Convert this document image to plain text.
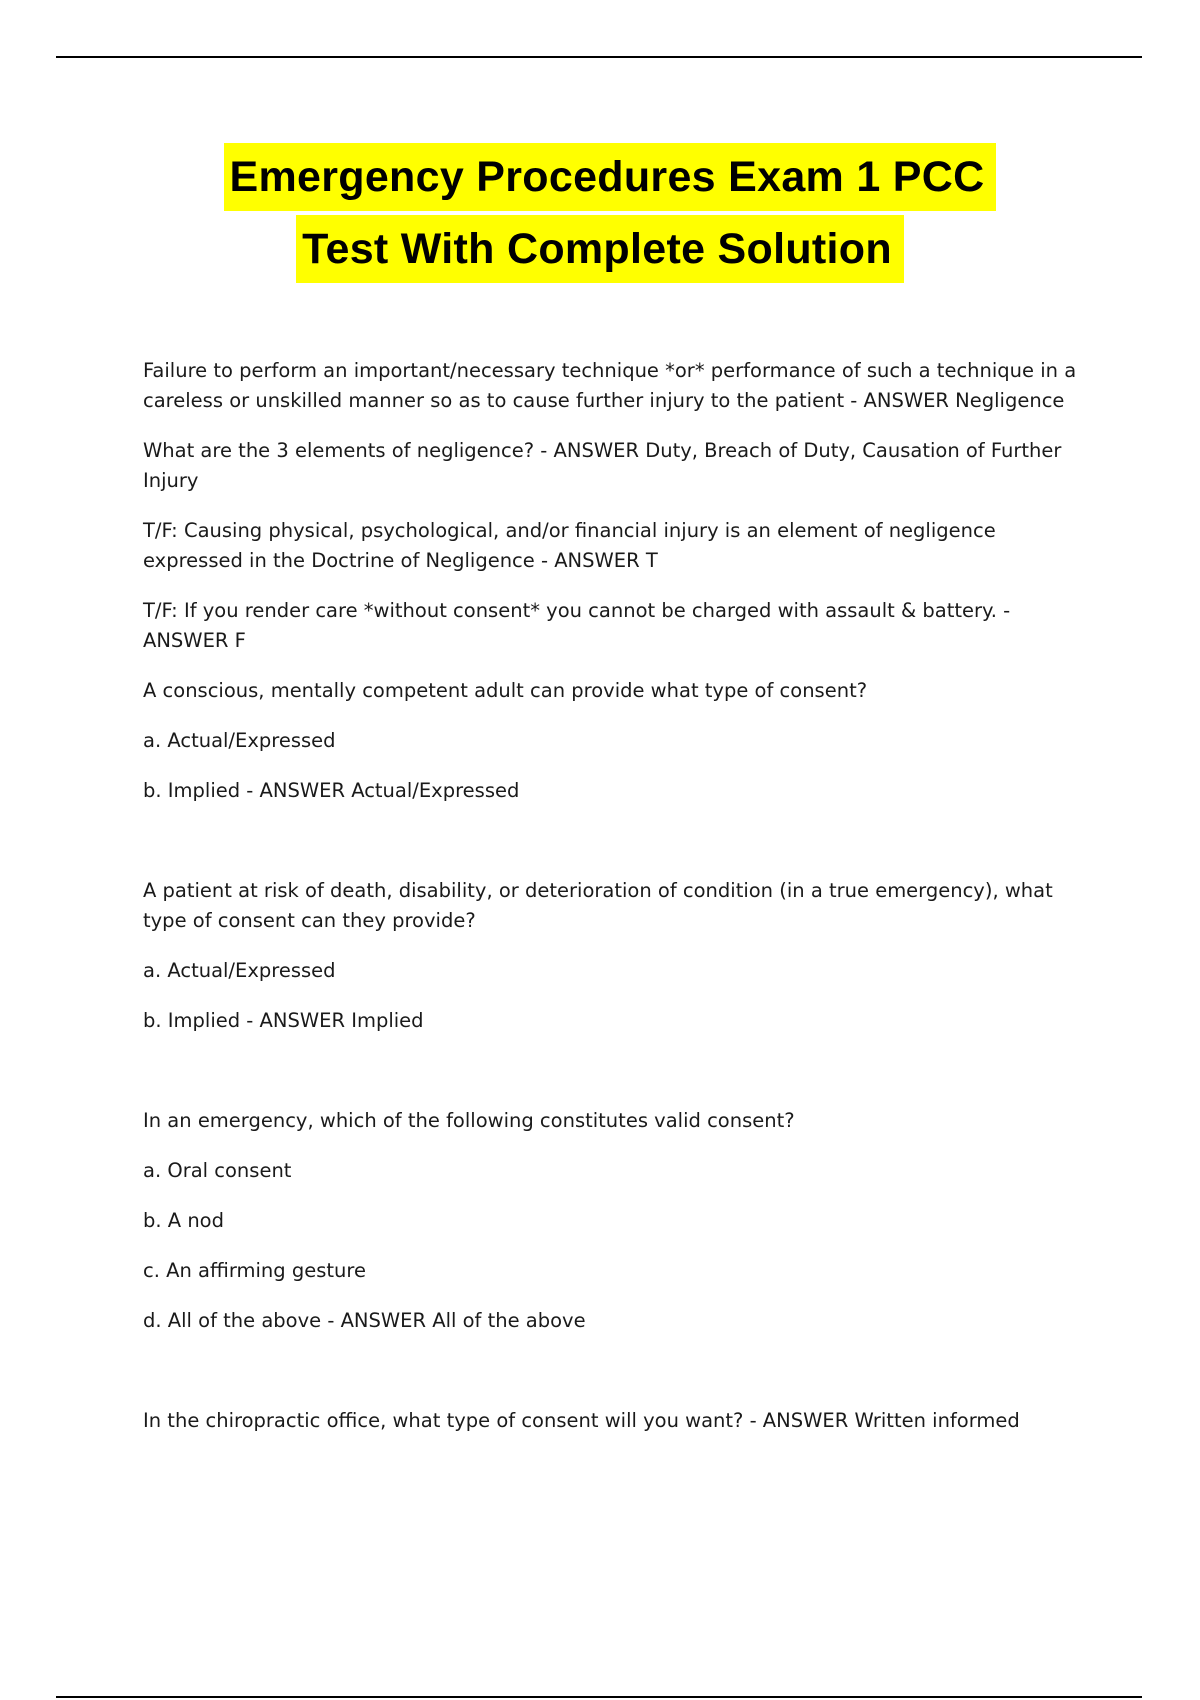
Emergency Procedures Exam 1 PCC
Test With Complete Solution

Failure to perform an important/necessary technique *or* performance of such a technique in a careless or unskilled manner so as to cause further injury to the patient - ANSWER Negligence

What are the 3 elements of negligence? - ANSWER Duty, Breach of Duty, Causation of Further Injury

T/F: Causing physical, psychological, and/or financial injury is an element of negligence expressed in the Doctrine of Negligence - ANSWER T

T/F: If you render care *without consent* you cannot be charged with assault & battery. - ANSWER F

A conscious, mentally competent adult can provide what type of consent?

a. Actual/Expressed

b. Implied - ANSWER Actual/Expressed

A patient at risk of death, disability, or deterioration of condition (in a true emergency), what type of consent can they provide?

a. Actual/Expressed

b. Implied - ANSWER Implied

In an emergency, which of the following constitutes valid consent?

a. Oral consent

b. A nod

c. An affirming gesture

d. All of the above - ANSWER All of the above

In the chiropractic office, what type of consent will you want? - ANSWER Written informed
